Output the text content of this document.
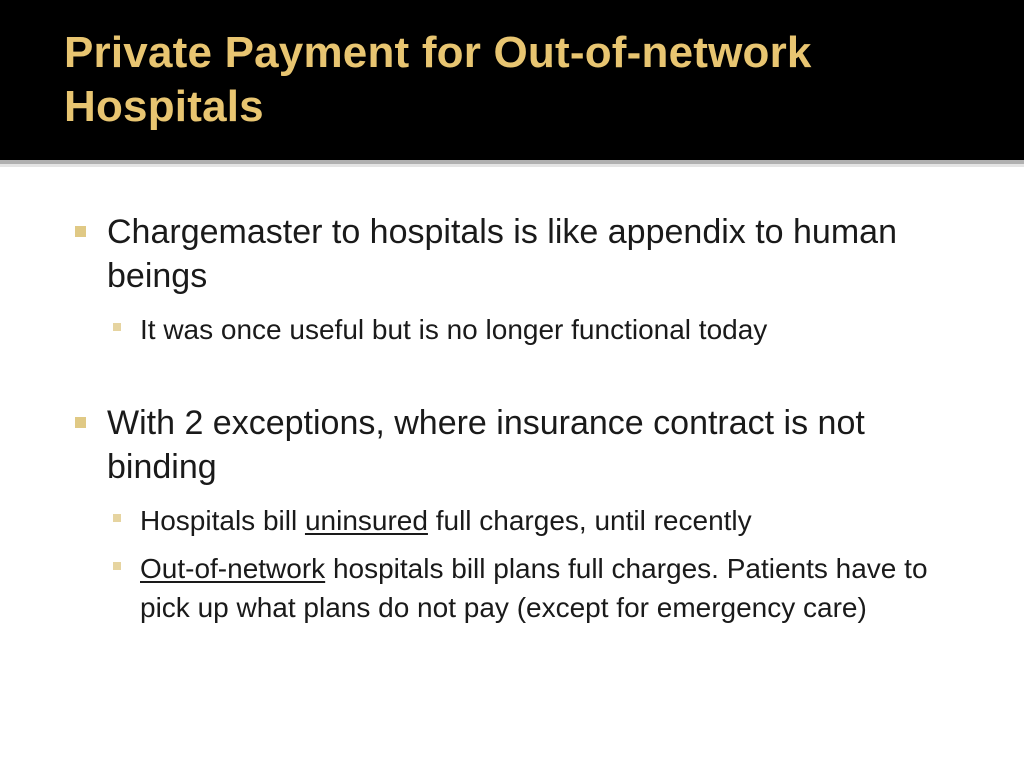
Private Payment for Out-of-network Hospitals

Chargemaster to hospitals is like appendix to human beings

It was once useful but is no longer functional today

With 2 exceptions, where insurance contract is not binding

Hospitals bill uninsured full charges, until recently

Out-of-network hospitals bill plans full charges. Patients have to pick up what plans do not pay (except for emergency care)
